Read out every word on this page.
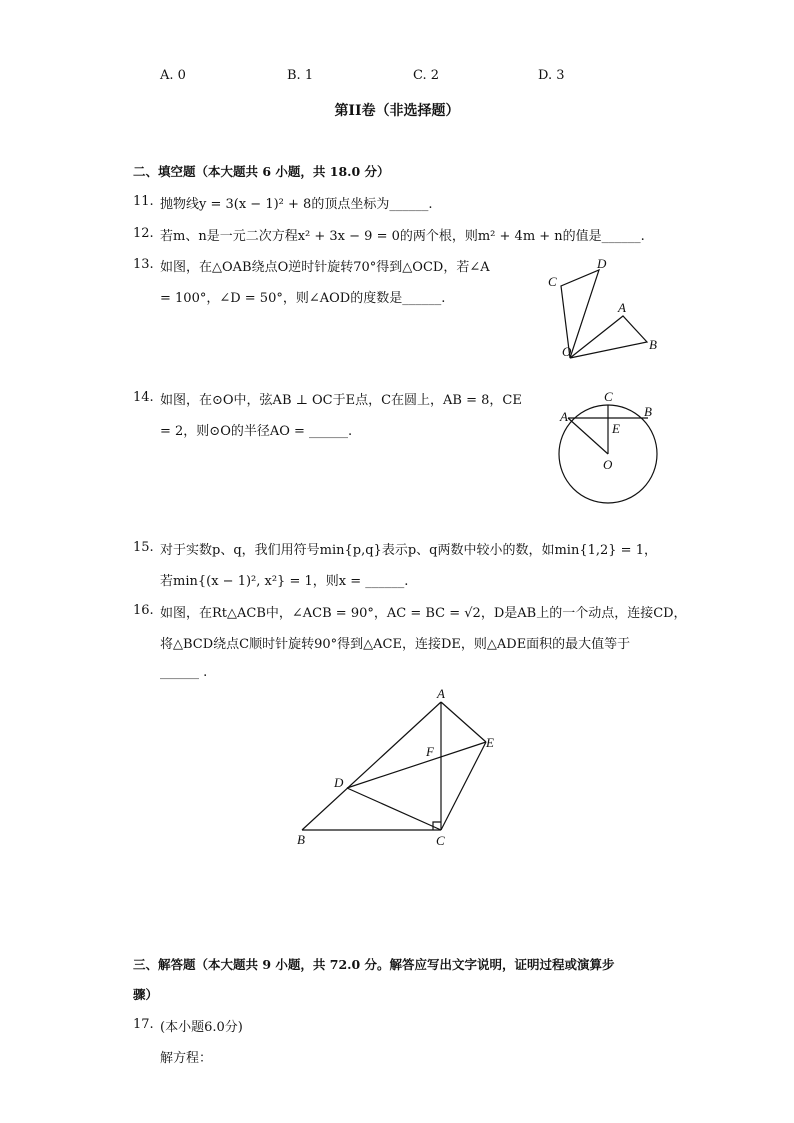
A. 0	B. 1	C. 2	D. 3
第II卷（非选择题）
二、填空题（本大题共 6 小题，共 18.0 分）
11. 抛物线y = 3(x − 1)² + 8的顶点坐标为______.
12. 若m、n是一元二次方程x² + 3x − 9 = 0的两个根，则m² + 4m + n的值是______.
13. 如图，在△OAB绕点O逆时针旋转70°得到△OCD，若∠A
= 100°，∠D = 50°，则∠AOD的度数是______.
C
D
A
O	B
14. 如图，在⊙O中，弦AB ⊥ OC于E点，C在圆上，AB = 8，CE
= 2，则⊙O的半径AO = ______.
A
C
B
E
O
15. 对于实数p、q，我们用符号min{p,q}表示p、q两数中较小的数，如min{1,2} = 1，
若min{(x − 1)², x²} = 1，则x = ______.
16. 如图，在Rt△ACB中，∠ACB = 90°，AC = BC = √2，D是AB上的一个动点，连接CD，
将△BCD绕点C顺时针旋转90°得到△ACE，连接DE，则△ADE面积的最大值等于
______ .
A
E
F
D
B	C
三、解答题（本大题共 9 小题，共 72.0 分。解答应写出文字说明，证明过程或演算步
骤）
17. (本小题6.0分)
解方程：
